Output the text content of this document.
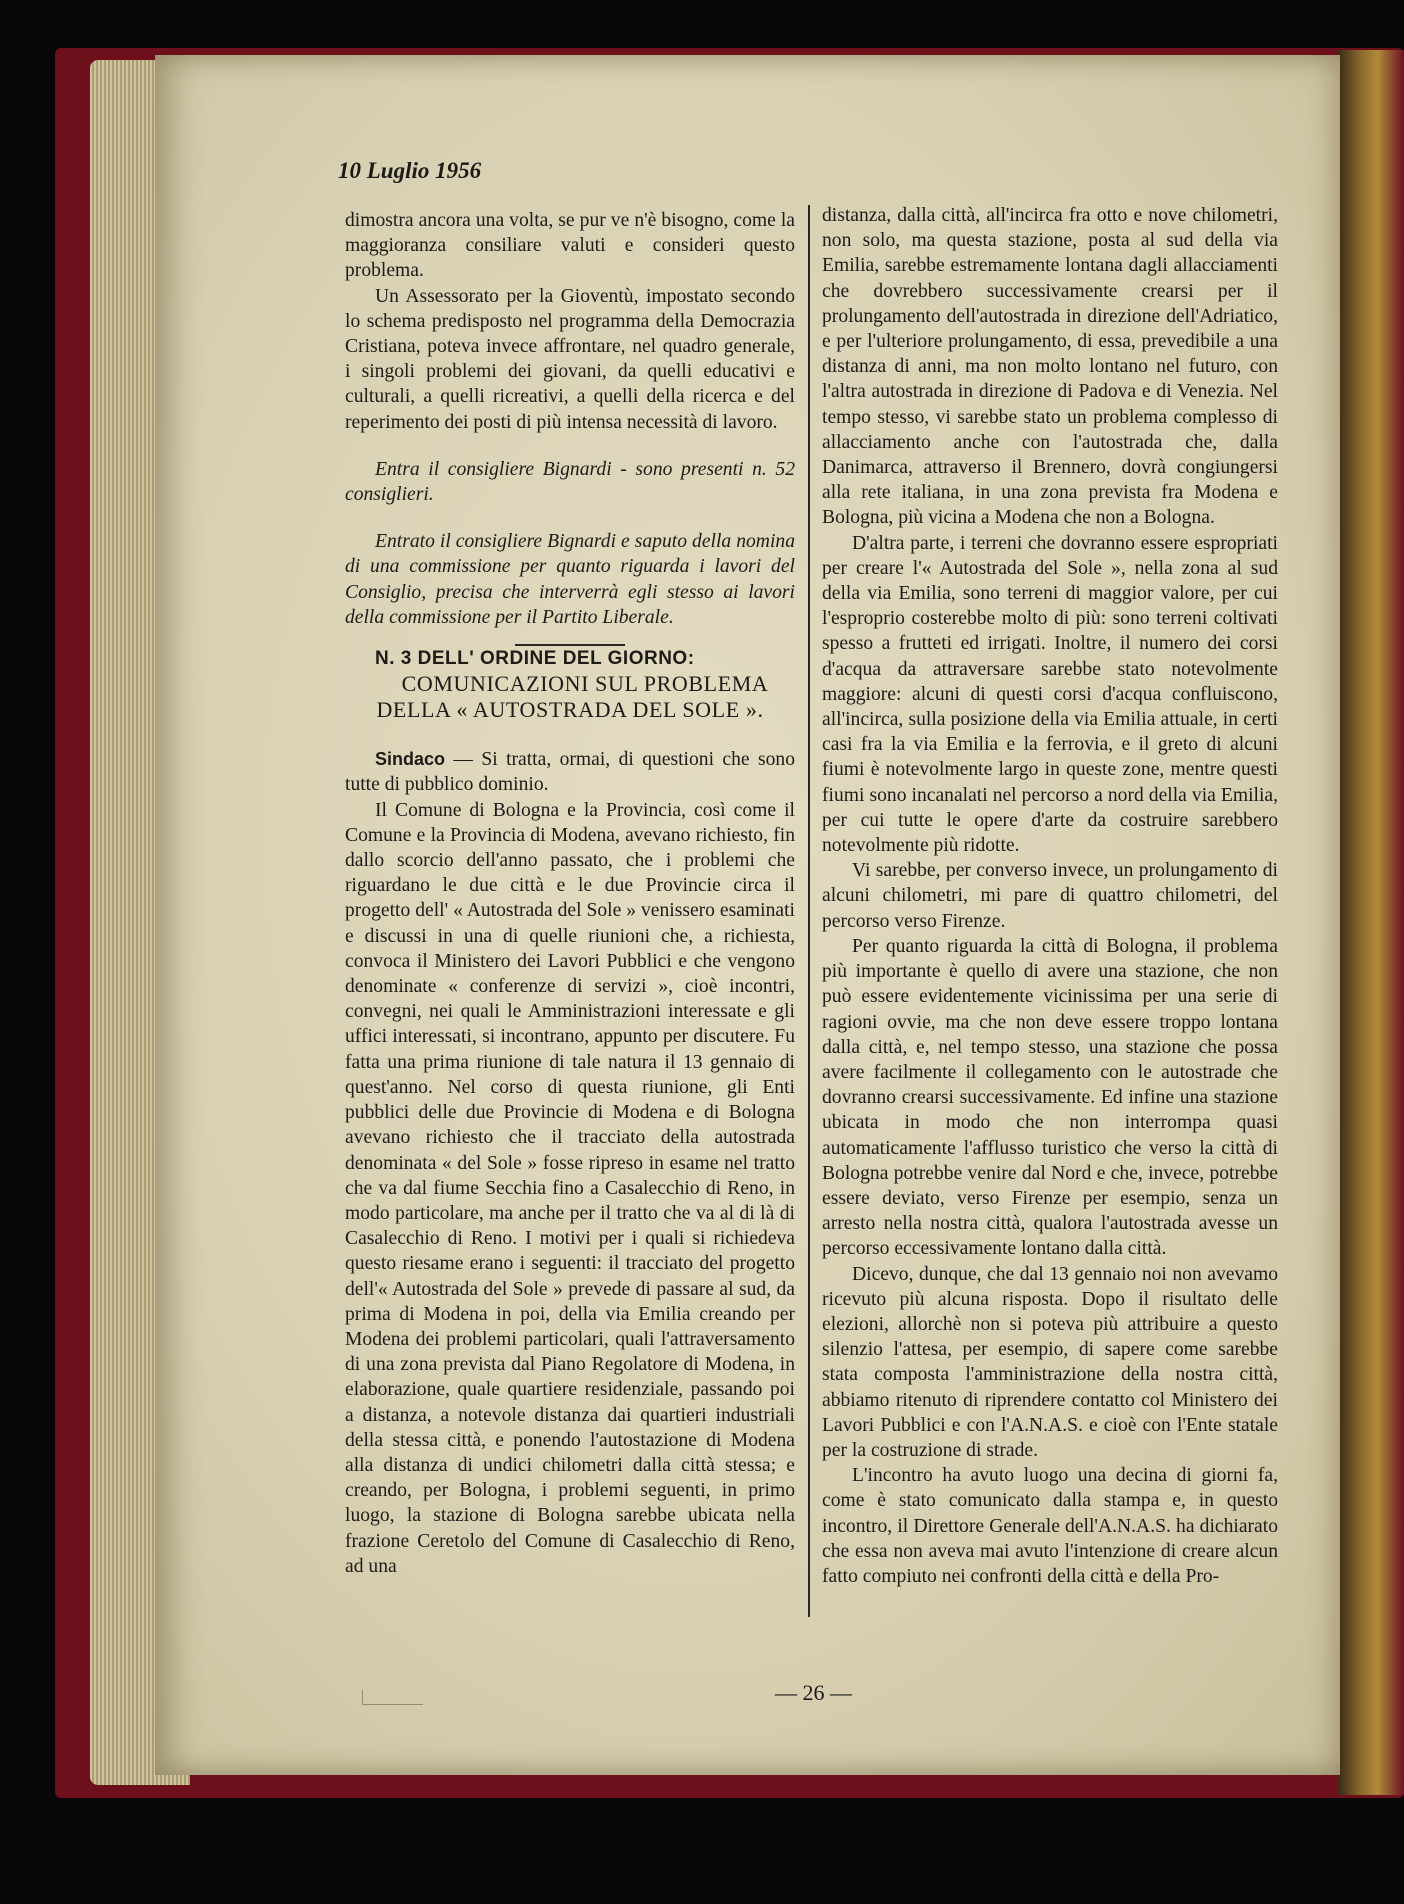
10 Luglio 1956

dimostra ancora una volta, se pur ve n'è bisogno, come la maggioranza consiliare valuti e consideri questo problema.

Un Assessorato per la Gioventù, impostato secondo lo schema predisposto nel programma della Democrazia Cristiana, poteva invece affrontare, nel quadro generale, i singoli problemi dei giovani, da quelli educativi e culturali, a quelli ricreativi, a quelli della ricerca e del reperimento dei posti di più intensa necessità di lavoro.

Entra il consigliere Bignardi - sono presenti n. 52 consiglieri.

Entrato il consigliere Bignardi e saputo della nomina di una commissione per quanto riguarda i lavori del Consiglio, precisa che interverrà egli stesso ai lavori della commissione per il Partito Liberale.

N. 3 DELL' ORDINE DEL GIORNO:

COMUNICAZIONI SUL PROBLEMA DELLA « AUTOSTRADA DEL SOLE ».

Sindaco — Si tratta, ormai, di questioni che sono tutte di pubblico dominio.

Il Comune di Bologna e la Provincia, così come il Comune e la Provincia di Modena, avevano richiesto, fin dallo scorcio dell'anno passato, che i problemi che riguardano le due città e le due Provincie circa il progetto dell' « Autostrada del Sole » venissero esaminati e discussi in una di quelle riunioni che, a richiesta, convoca il Ministero dei Lavori Pubblici e che vengono denominate « conferenze di servizi », cioè incontri, convegni, nei quali le Amministrazioni interessate e gli uffici interessati, si incontrano, appunto per discutere. Fu fatta una prima riunione di tale natura il 13 gennaio di quest'anno. Nel corso di questa riunione, gli Enti pubblici delle due Provincie di Modena e di Bologna avevano richiesto che il tracciato della autostrada denominata « del Sole » fosse ripreso in esame nel tratto che va dal fiume Secchia fino a Casalecchio di Reno, in modo particolare, ma anche per il tratto che va al di là di Casalecchio di Reno. I motivi per i quali si richiedeva questo riesame erano i seguenti: il tracciato del progetto dell'« Autostrada del Sole » prevede di passare al sud, da prima di Modena in poi, della via Emilia creando per Modena dei problemi particolari, quali l'attraversamento di una zona prevista dal Piano Regolatore di Modena, in elaborazione, quale quartiere residenziale, passando poi a distanza, a notevole distanza dai quartieri industriali della stessa città, e ponendo l'autostazione di Modena alla distanza di undici chilometri dalla città stessa; e creando, per Bologna, i problemi seguenti, in primo luogo, la stazione di Bologna sarebbe ubicata nella frazione Ceretolo del Comune di Casalecchio di Reno, ad una

distanza, dalla città, all'incirca fra otto e nove chilometri, non solo, ma questa stazione, posta al sud della via Emilia, sarebbe estremamente lontana dagli allacciamenti che dovrebbero successivamente crearsi per il prolungamento dell'autostrada in direzione dell'Adriatico, e per l'ulteriore prolungamento, di essa, prevedibile a una distanza di anni, ma non molto lontano nel futuro, con l'altra autostrada in direzione di Padova e di Venezia. Nel tempo stesso, vi sarebbe stato un problema complesso di allacciamento anche con l'autostrada che, dalla Danimarca, attraverso il Brennero, dovrà congiungersi alla rete italiana, in una zona prevista fra Modena e Bologna, più vicina a Modena che non a Bologna.

D'altra parte, i terreni che dovranno essere espropriati per creare l'« Autostrada del Sole », nella zona al sud della via Emilia, sono terreni di maggior valore, per cui l'esproprio costerebbe molto di più: sono terreni coltivati spesso a frutteti ed irrigati. Inoltre, il numero dei corsi d'acqua da attraversare sarebbe stato notevolmente maggiore: alcuni di questi corsi d'acqua confluiscono, all'incirca, sulla posizione della via Emilia attuale, in certi casi fra la via Emilia e la ferrovia, e il greto di alcuni fiumi è notevolmente largo in queste zone, mentre questi fiumi sono incanalati nel percorso a nord della via Emilia, per cui tutte le opere d'arte da costruire sarebbero notevolmente più ridotte.

Vi sarebbe, per converso invece, un prolungamento di alcuni chilometri, mi pare di quattro chilometri, del percorso verso Firenze.

Per quanto riguarda la città di Bologna, il problema più importante è quello di avere una stazione, che non può essere evidentemente vicinissima per una serie di ragioni ovvie, ma che non deve essere troppo lontana dalla città, e, nel tempo stesso, una stazione che possa avere facilmente il collegamento con le autostrade che dovranno crearsi successivamente. Ed infine una stazione ubicata in modo che non interrompa quasi automaticamente l'afflusso turistico che verso la città di Bologna potrebbe venire dal Nord e che, invece, potrebbe essere deviato, verso Firenze per esempio, senza un arresto nella nostra città, qualora l'autostrada avesse un percorso eccessivamente lontano dalla città.

Dicevo, dunque, che dal 13 gennaio noi non avevamo ricevuto più alcuna risposta. Dopo il risultato delle elezioni, allorchè non si poteva più attribuire a questo silenzio l'attesa, per esempio, di sapere come sarebbe stata composta l'amministrazione della nostra città, abbiamo ritenuto di riprendere contatto col Ministero dei Lavori Pubblici e con l'A.N.A.S. e cioè con l'Ente statale per la costruzione di strade.

L'incontro ha avuto luogo una decina di giorni fa, come è stato comunicato dalla stampa e, in questo incontro, il Direttore Generale dell'A.N.A.S. ha dichiarato che essa non aveva mai avuto l'intenzione di creare alcun fatto compiuto nei confronti della città e della Pro-

— 26 —
